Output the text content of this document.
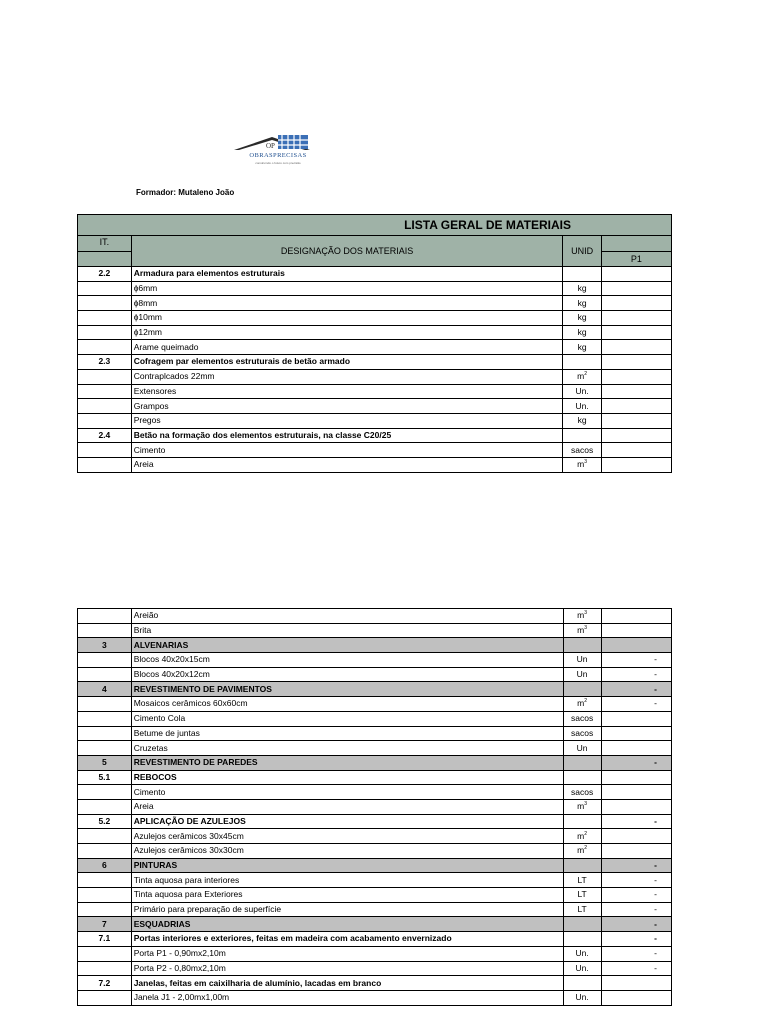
OP
OBRASPRECISAS
construindo o futuro com precisão
Formador: Mutaleno João
LISTA GERAL DE MATERIAIS			
IT.	DESIGNAÇÃO DOS MATERIAIS	UNID	
			P1
2.2	Armadura para elementos estruturais		
	ɸ6mm	kg	
	ɸ8mm	kg	
	ɸ10mm	kg	
	ɸ12mm	kg	
	Arame queimado	kg	
2.3	Cofragem par elementos estruturais de betão armado		
	Contraplcados 22mm	$m^2$	
	Extensores	Un.	
	Grampos	Un.	
	Pregos	kg	
2.4	Betão na formação dos elementos estruturais, na classe C20/25		
	Cimento	sacos	
	Areia	$m^3$	
	Areião	$m^3$	
	Brita	$m^3$	
3	ALVENARIAS		
	Blocos 40x20x15cm	Un	-
	Blocos 40x20x12cm	Un	-
4	REVESTIMENTO DE PAVIMENTOS		-
	Mosaicos cerâmicos 60x60cm	$m^2$	-
	Cimento Cola	sacos	
	Betume de juntas	sacos	
	Cruzetas	Un	
5	REVESTIMENTO DE PAREDES		-
5.1	REBOCOS		
	Cimento	sacos	
	Areia	$m^3$	
5.2	APLICAÇÃO DE AZULEJOS		-
	Azulejos cerâmicos 30x45cm	$m^2$	
	Azulejos cerâmicos 30x30cm	$m^2$	
6	PINTURAS		-
	Tinta aquosa para interiores	LT	-
	Tinta aquosa para Exteriores	LT	-
	Primário para preparação de superfície	LT	-
7	ESQUADRIAS		-
7.1	Portas interiores e exteriores, feitas em madeira com acabamento envernizado		-
	Porta P1 - 0,90mx2,10m	Un.	-
	Porta P2 - 0,80mx2,10m	Un.	-
7.2	Janelas, feitas em caixilharia de alumínio, lacadas em branco		
	Janela J1 - 2,00mx1,00m	Un.	
